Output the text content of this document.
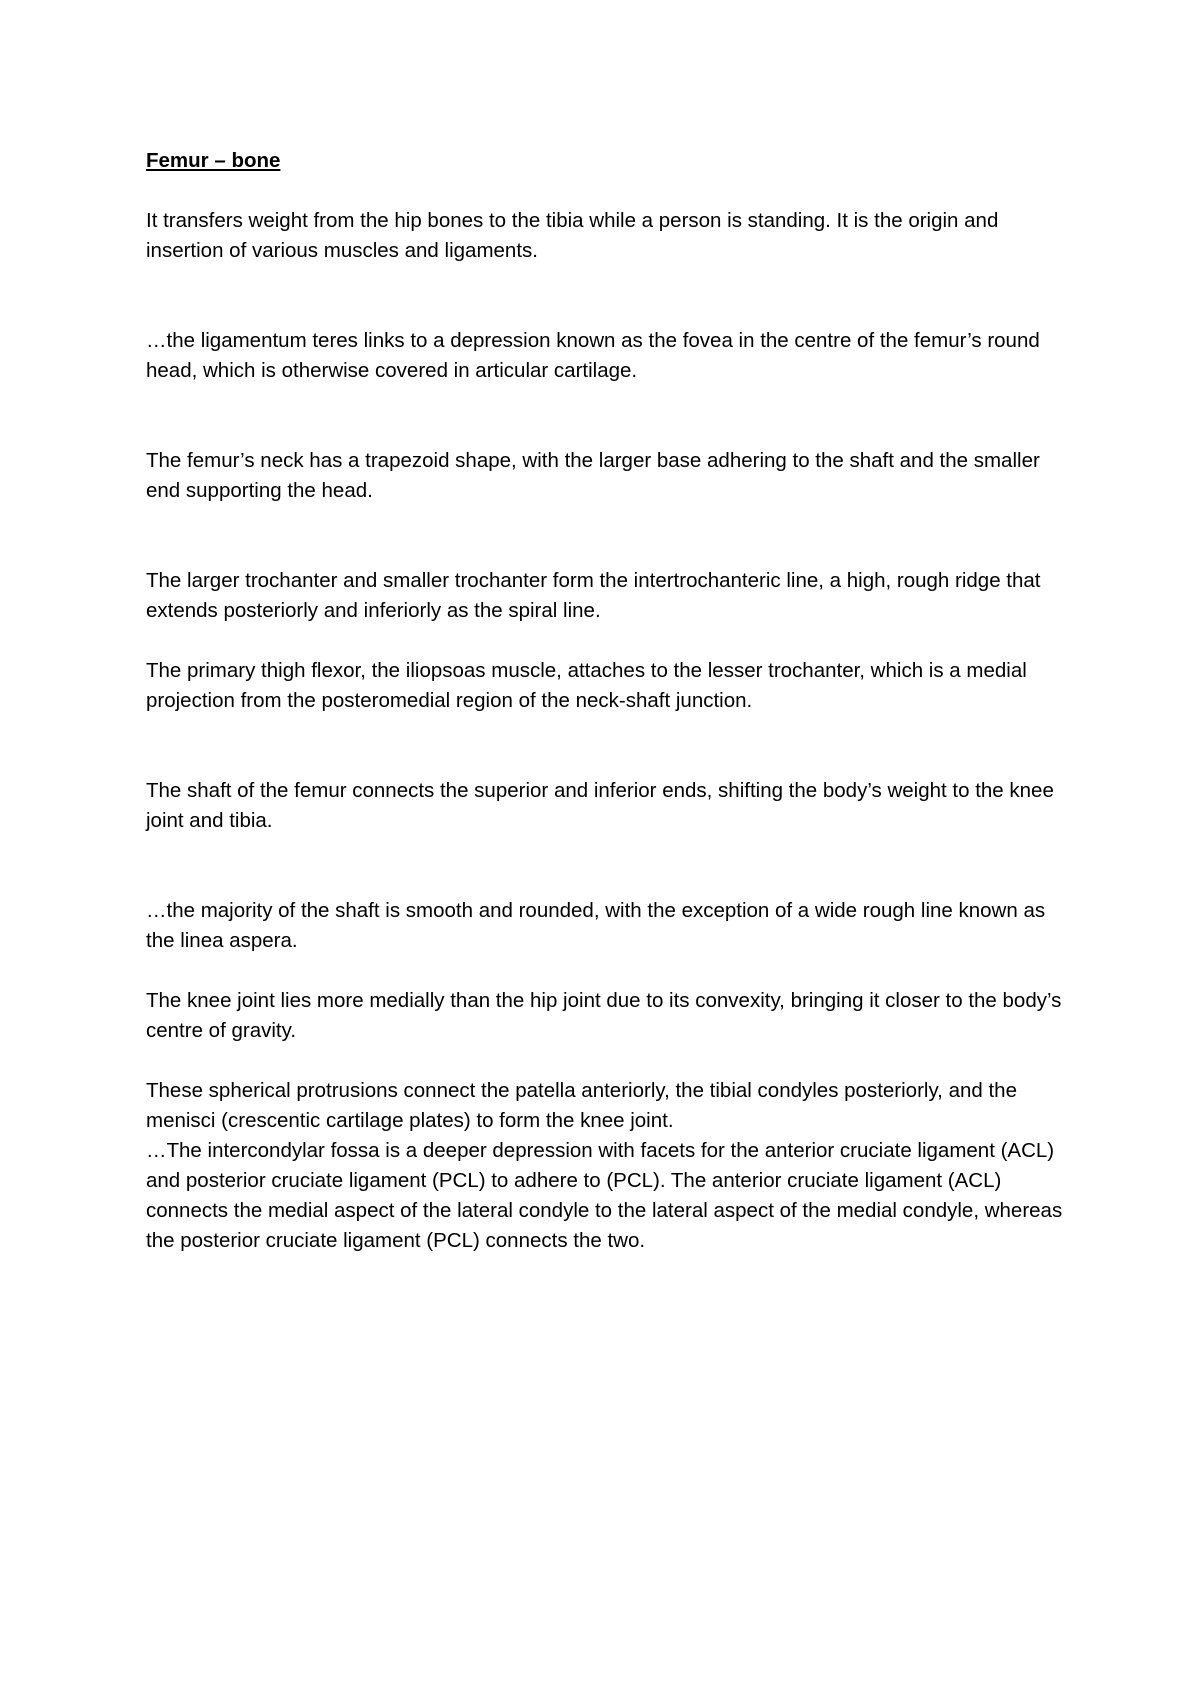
Femur – bone

It transfers weight from the hip bones to the tibia while a person is standing. It is the origin and insertion of various muscles and ligaments.

…the ligamentum teres links to a depression known as the fovea in the centre of the femur’s round head, which is otherwise covered in articular cartilage.

The femur’s neck has a trapezoid shape, with the larger base adhering to the shaft and the smaller end supporting the head.

The larger trochanter and smaller trochanter form the intertrochanteric line, a high, rough ridge that extends posteriorly and inferiorly as the spiral line.

The primary thigh flexor, the iliopsoas muscle, attaches to the lesser trochanter, which is a medial projection from the posteromedial region of the neck-shaft junction.

The shaft of the femur connects the superior and inferior ends, shifting the body’s weight to the knee joint and tibia.

…the majority of the shaft is smooth and rounded, with the exception of a wide rough line known as the linea aspera.

The knee joint lies more medially than the hip joint due to its convexity, bringing it closer to the body’s centre of gravity.

These spherical protrusions connect the patella anteriorly, the tibial condyles posteriorly, and the menisci (crescentic cartilage plates) to form the knee joint.

…The intercondylar fossa is a deeper depression with facets for the anterior cruciate ligament (ACL) and posterior cruciate ligament (PCL) to adhere to (PCL). The anterior cruciate ligament (ACL) connects the medial aspect of the lateral condyle to the lateral aspect of the medial condyle, whereas the posterior cruciate ligament (PCL) connects the two.
